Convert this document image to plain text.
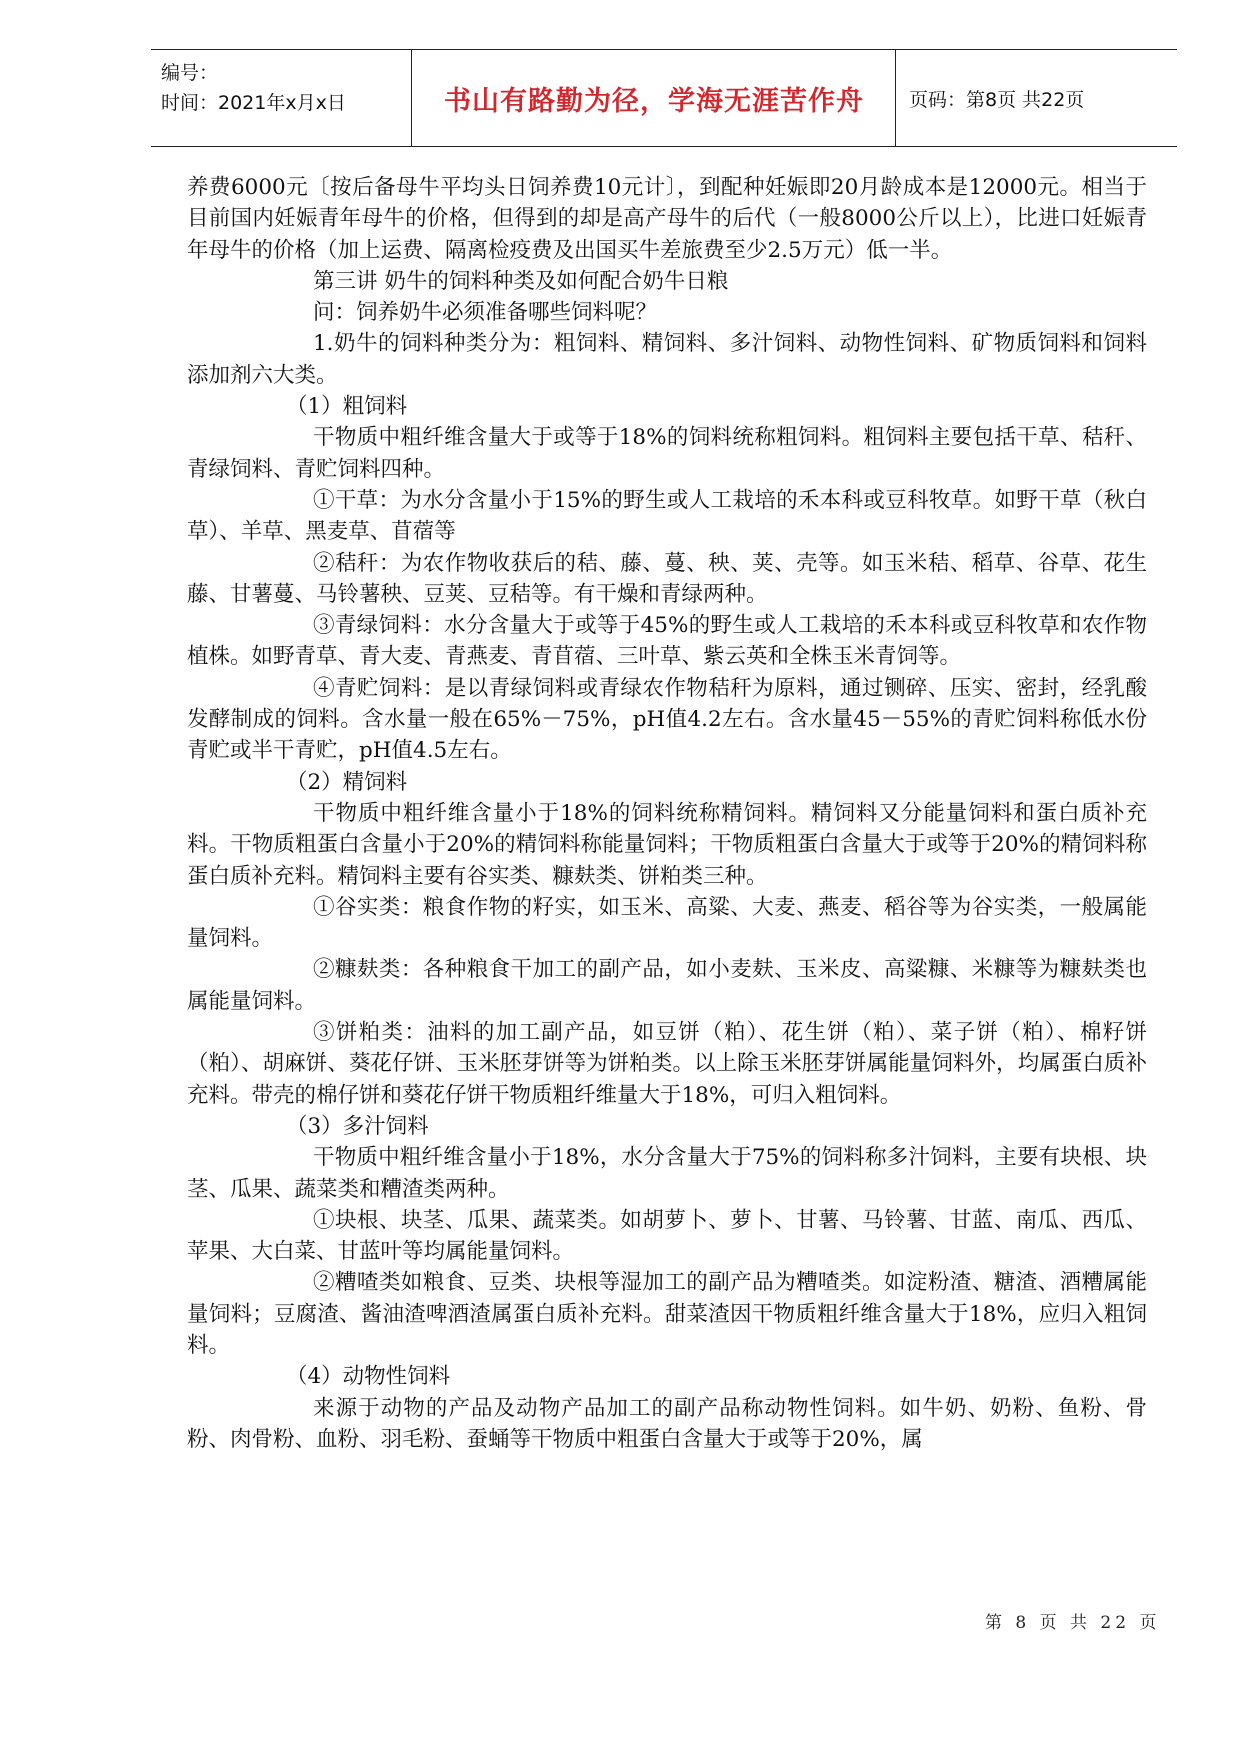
编号：
时间：2021年x月x日	书山有路勤为径，学海无涯苦作舟	页码：第8页 共22页

养费6000元〔按后备母牛平均头日饲养费10元计〕，到配种妊娠即20月龄成本是12000元。相当于目前国内妊娠青年母牛的价格，但得到的却是高产母牛的后代（一般8000公斤以上），比进口妊娠青年母牛的价格（加上运费、隔离检疫费及出国买牛差旅费至少2.5万元）低一半。

第三讲 奶牛的饲料种类及如何配合奶牛日粮

问：饲养奶牛必须准备哪些饲料呢？

1.奶牛的饲料种类分为：粗饲料、精饲料、多汁饲料、动物性饲料、矿物质饲料和饲料添加剂六大类。

（1）粗饲料

干物质中粗纤维含量大于或等于18%的饲料统称粗饲料。粗饲料主要包括干草、秸秆、青绿饲料、青贮饲料四种。

①干草：为水分含量小于15%的野生或人工栽培的禾本科或豆科牧草。如野干草（秋白草）、羊草、黑麦草、苜蓿等

②秸秆：为农作物收获后的秸、藤、蔓、秧、荚、壳等。如玉米秸、稻草、谷草、花生藤、甘薯蔓、马铃薯秧、豆荚、豆秸等。有干燥和青绿两种。

③青绿饲料：水分含量大于或等于45%的野生或人工栽培的禾本科或豆科牧草和农作物植株。如野青草、青大麦、青燕麦、青苜蓿、三叶草、紫云英和全株玉米青饲等。

④青贮饲料：是以青绿饲料或青绿农作物秸秆为原料，通过铡碎、压实、密封，经乳酸发酵制成的饲料。含水量一般在65%－75%，pH值4.2左右。含水量45－55%的青贮饲料称低水份青贮或半干青贮，pH值4.5左右。

（2）精饲料

干物质中粗纤维含量小于18%的饲料统称精饲料。精饲料又分能量饲料和蛋白质补充料。干物质粗蛋白含量小于20%的精饲料称能量饲料；干物质粗蛋白含量大于或等于20%的精饲料称蛋白质补充料。精饲料主要有谷实类、糠麸类、饼粕类三种。

①谷实类：粮食作物的籽实，如玉米、高粱、大麦、燕麦、稻谷等为谷实类，一般属能量饲料。

②糠麸类：各种粮食干加工的副产品，如小麦麸、玉米皮、高粱糠、米糠等为糠麸类也属能量饲料。

③饼粕类：油料的加工副产品，如豆饼（粕）、花生饼（粕）、菜子饼（粕）、棉籽饼（粕）、胡麻饼、葵花仔饼、玉米胚芽饼等为饼粕类。以上除玉米胚芽饼属能量饲料外，均属蛋白质补充料。带壳的棉仔饼和葵花仔饼干物质粗纤维量大于18%，可归入粗饲料。

（3）多汁饲料

干物质中粗纤维含量小于18%，水分含量大于75%的饲料称多汁饲料，主要有块根、块茎、瓜果、蔬菜类和糟渣类两种。

①块根、块茎、瓜果、蔬菜类。如胡萝卜、萝卜、甘薯、马铃薯、甘蓝、南瓜、西瓜、苹果、大白菜、甘蓝叶等均属能量饲料。

②糟喳类如粮食、豆类、块根等湿加工的副产品为糟喳类。如淀粉渣、糖渣、酒糟属能量饲料；豆腐渣、酱油渣啤酒渣属蛋白质补充料。甜菜渣因干物质粗纤维含量大于18%，应归入粗饲料。

（4）动物性饲料

来源于动物的产品及动物产品加工的副产品称动物性饲料。如牛奶、奶粉、鱼粉、骨粉、肉骨粉、血粉、羽毛粉、蚕蛹等干物质中粗蛋白含量大于或等于20%，属

第 8 页 共 22 页
